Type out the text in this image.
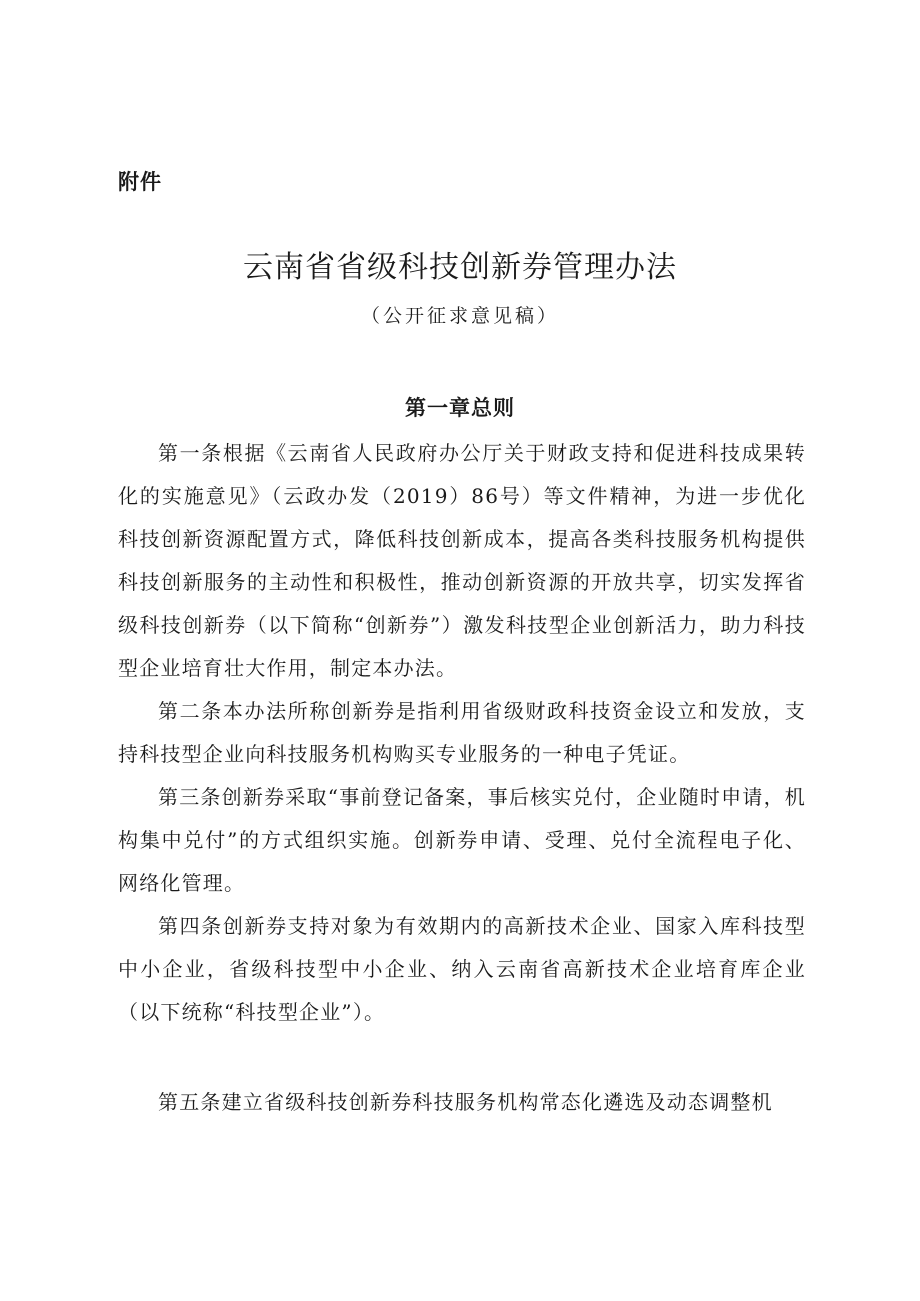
附件
云南省省级科技创新券管理办法
（公开征求意见稿）
第一章总则

第一条根据《云南省人民政府办公厅关于财政支持和促进科技成果转化的实施意见》（云政办发（2019）86号）等文件精神，为进一步优化科技创新资源配置方式，降低科技创新成本，提高各类科技服务机构提供科技创新服务的主动性和积极性，推动创新资源的开放共享，切实发挥省级科技创新券（以下简称“创新券”）激发科技型企业创新活力，助力科技型企业培育壮大作用，制定本办法。

第二条本办法所称创新券是指利用省级财政科技资金设立和发放，支持科技型企业向科技服务机构购买专业服务的一种电子凭证。

第三条创新券采取“事前登记备案，事后核实兑付，企业随时申请，机构集中兑付”的方式组织实施。创新券申请、受理、兑付全流程电子化、网络化管理。

第四条创新券支持对象为有效期内的高新技术企业、国家入库科技型中小企业，省级科技型中小企业、纳入云南省高新技术企业培育库企业（以下统称“科技型企业”）。

第五条建立省级科技创新券科技服务机构常态化遴选及动态调整机
